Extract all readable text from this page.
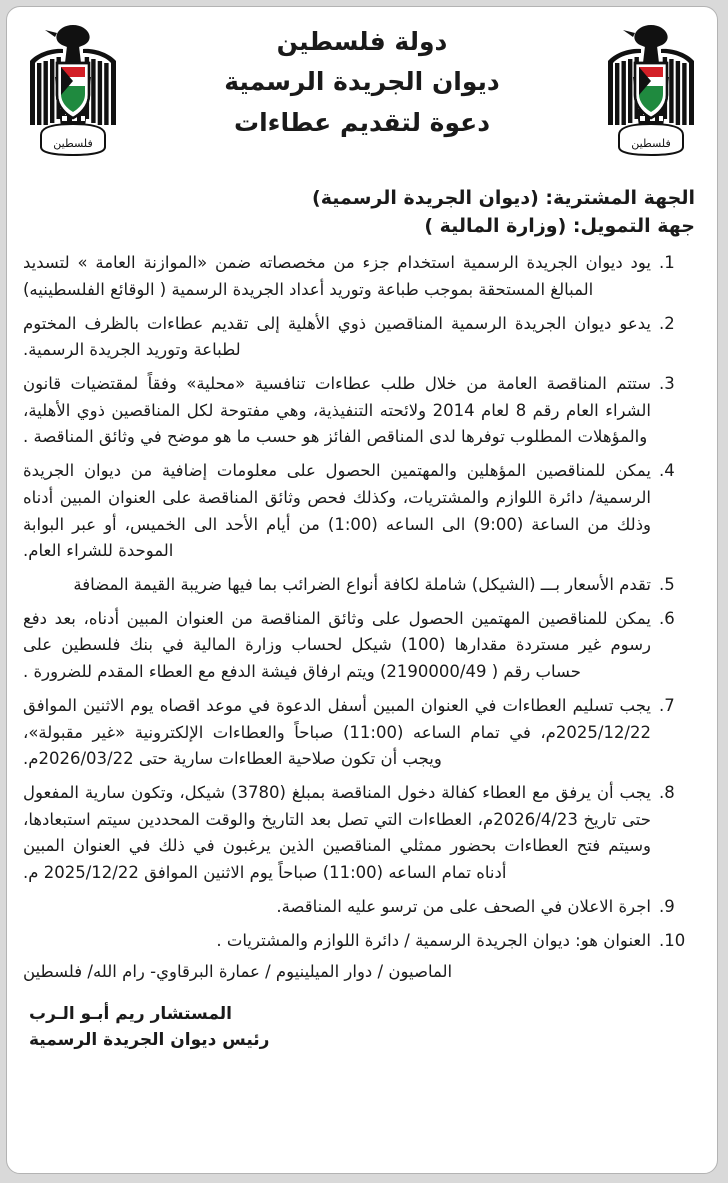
فلسطين	فلسطين
دولة فلسطين
ديوان الجريدة الرسمية
دعوة لتقديم عطاءات
الجهة المشترية: (ديوان الجريدة الرسمية)
جهة التمويل: (وزارة المالية )
.1
يود ديوان الجريدة الرسمية استخدام جزء من مخصصاته ضمن «الموازنة العامة » لتسديد المبالغ المستحقة بموجب طباعة وتوريد أعداد الجريدة الرسمية ( الوقائع الفلسطينيه)
.2
يدعو ديوان الجريدة الرسمية المناقصين ذوي الأهلية إلى تقديم عطاءات بالظرف المختوم لطباعة وتوريد الجريدة الرسمية.
.3
ستتم المناقصة العامة من خلال طلب عطاءات تنافسية «محلية» وفقاً لمقتضيات قانون الشراء العام رقم 8 لعام 2014 ولائحته التنفيذية، وهي مفتوحة لكل المناقصين ذوي الأهلية، والمؤهلات المطلوب توفرها لدى المناقص الفائز هو حسب ما هو موضح في وثائق المناقصة .
.4
يمكن للمناقصين المؤهلين والمهتمين الحصول على معلومات إضافية من ديوان الجريدة الرسمية/ دائرة اللوازم والمشتريات، وكذلك فحص وثائق المناقصة على العنوان المبين أدناه وذلك من الساعة (9:00) الى الساعه (1:00) من أيام الأحد الى الخميس، أو عبر البوابة الموحدة للشراء العام.
.5
تقدم الأسعار بـــ (الشيكل) شاملة لكافة أنواع الضرائب بما فيها ضريبة القيمة المضافة
.6
يمكن للمناقصين المهتمين الحصول على وثائق المناقصة من العنوان المبين أدناه، بعد دفع رسوم غير مستردة مقدارها (100) شيكل لحساب وزارة المالية في بنك فلسطين على حساب رقم ( 2190000/49) ويتم ارفاق فيشة الدفع مع العطاء المقدم للضرورة .
.7
يجب تسليم العطاءات في العنوان المبين أسفل الدعوة في موعد اقصاه يوم الاثنين الموافق 2025/12/22م، في تمام الساعه (11:00) صباحاً والعطاءات الإلكترونية «غير مقبولة»، ويجب أن تكون صلاحية العطاءات سارية حتى 2026/03/22م.
.8
يجب أن يرفق مع العطاء كفالة دخول المناقصة بمبلغ (3780) شيكل، وتكون سارية المفعول حتى تاريخ 2026/4/23م، العطاءات التي تصل بعد التاريخ والوقت المحددين سيتم استبعادها، وسيتم فتح العطاءات بحضور ممثلي المناقصين الذين يرغبون في ذلك في العنوان المبين أدناه تمام الساعه (11:00) صباحاً يوم الاثنين الموافق 2025/12/22 م.
.9
اجرة الاعلان في الصحف على من ترسو عليه المناقصة.
.10
العنوان هو: ديوان الجريدة الرسمية / دائرة اللوازم والمشتريات .
الماصيون / دوار الميلينيوم / عمارة البرقاوي- رام الله/ فلسطين
المستشار ريم أبـو الـرب
رئيس ديوان الجريدة الرسمية
